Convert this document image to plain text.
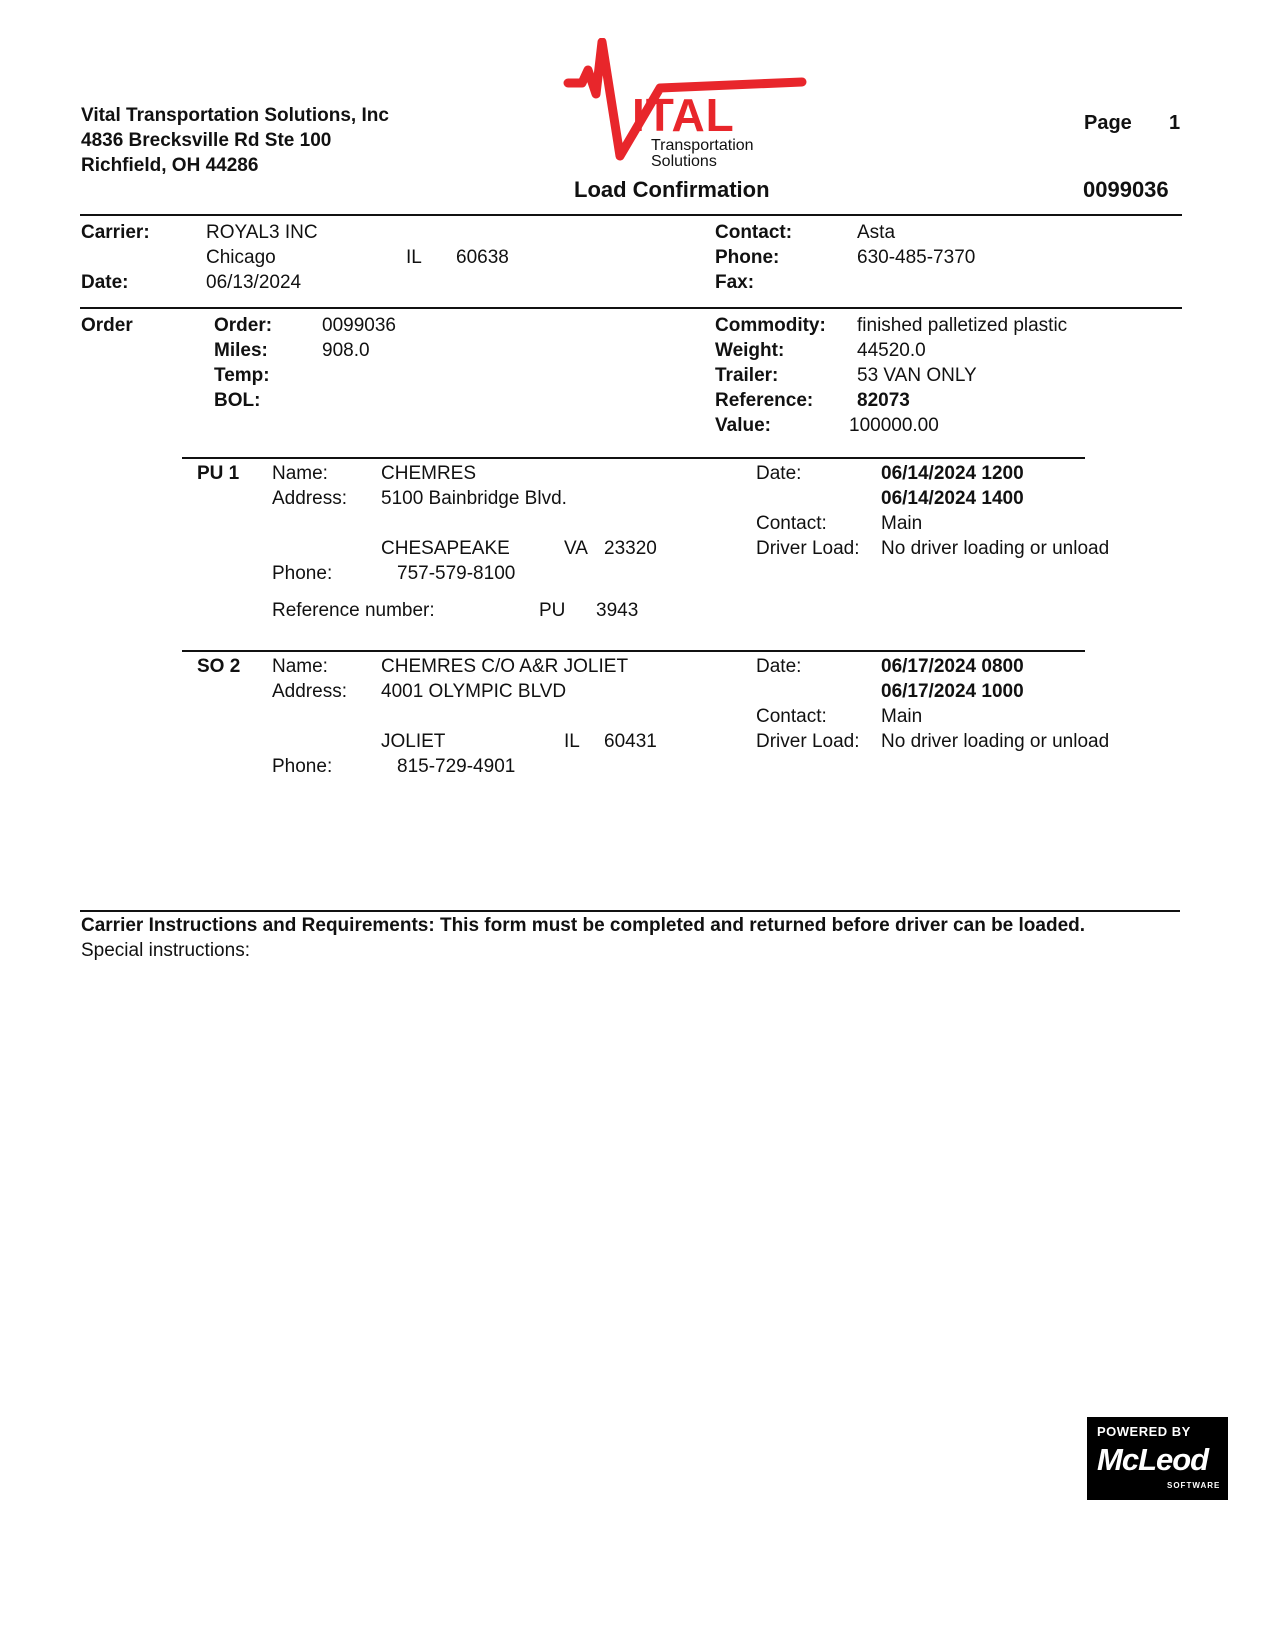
Vital Transportation Solutions, Inc
4836 Brecksville Rd Ste 100
Richfield, OH 44286
ITAL
Transportation
Solutions
Load Confirmation
Page 1
0099036
Carrier:	ROYAL3 INC
Chicago	IL 60638
Date:	06/13/2024
Contact:	Asta
Phone:	630-485-7370
Fax:
Order	Order:	0099036
Miles:	908.0
Temp:
BOL:
Commodity: finished palletized plastic
Weight:	44520.0
Trailer:	53 VAN ONLY
Reference: 82073
Value:	100000.00
PU 1 Name:	CHEMRES
Address: 5100 Bainbridge Blvd.
CHESAPEAKE	VA 23320
Phone:	757-579-8100
Reference number:	PU 3943
Date:	06/14/2024 1200
06/14/2024 1400
Contact:	Main
Driver Load: No driver loading or unload
SO 2 Name:	CHEMRES C/O A&R JOLIET
Address: 4001 OLYMPIC BLVD
JOLIET	IL 60431
Phone:	815-729-4901
Date:	06/17/2024 0800
06/17/2024 1000
Contact:	Main
Driver Load: No driver loading or unload
Carrier Instructions and Requirements: This form must be completed and returned before driver can be loaded.
Special instructions:
POWERED BY
McLeod
SOFTWARE
